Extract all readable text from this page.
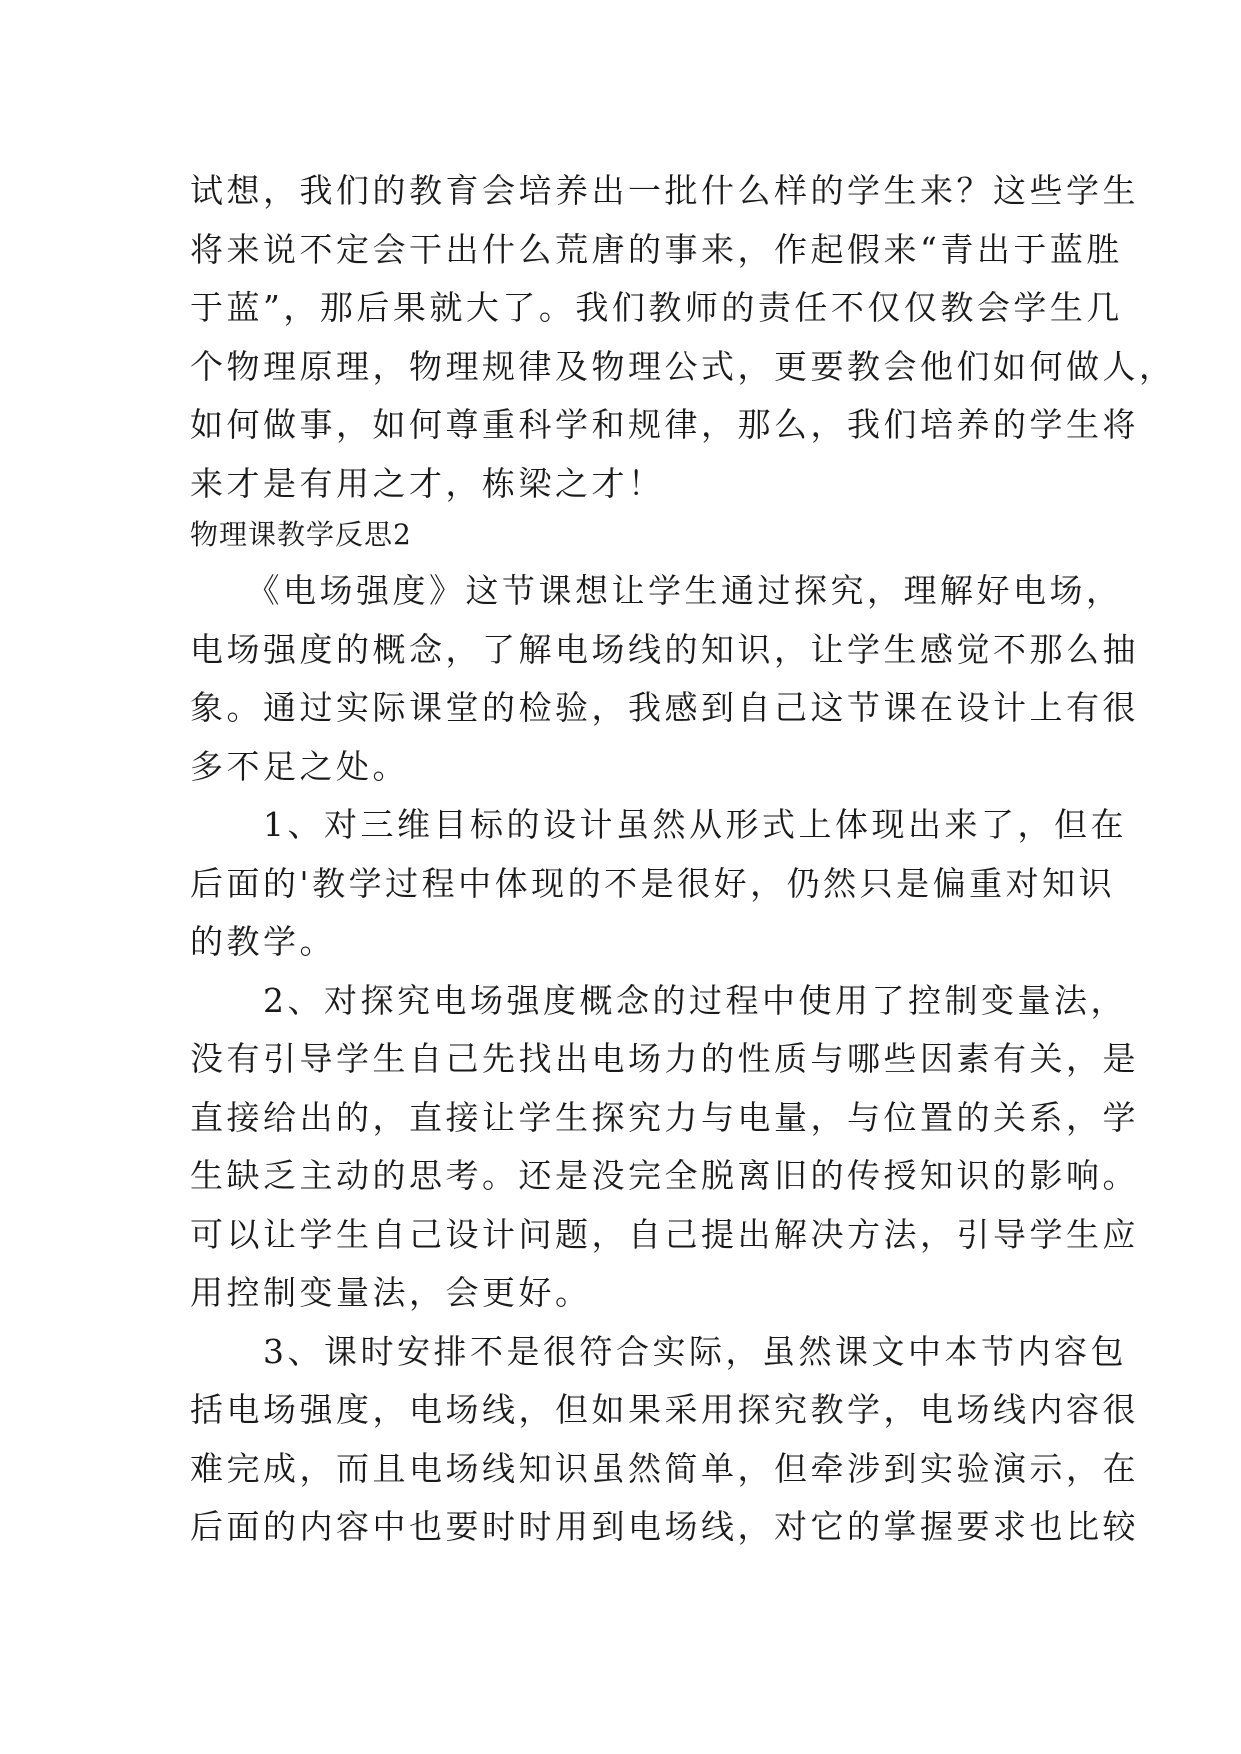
试想，我们的教育会培养出一批什么样的学生来？这些学生
将来说不定会干出什么荒唐的事来，作起假来“青出于蓝胜
于蓝”，那后果就大了。我们教师的责任不仅仅教会学生几
个物理原理，物理规律及物理公式，更要教会他们如何做人，
如何做事，如何尊重科学和规律，那么，我们培养的学生将
来才是有用之才，栋梁之才！
物理课教学反思2
　　《电场强度》这节课想让学生通过探究，理解好电场，
电场强度的概念，了解电场线的知识，让学生感觉不那么抽
象。通过实际课堂的检验，我感到自己这节课在设计上有很
多不足之处。
　　1、对三维目标的设计虽然从形式上体现出来了，但在
后面的'教学过程中体现的不是很好，仍然只是偏重对知识
的教学。
　　2、对探究电场强度概念的过程中使用了控制变量法，
没有引导学生自己先找出电场力的性质与哪些因素有关，是
直接给出的，直接让学生探究力与电量，与位置的关系，学
生缺乏主动的思考。还是没完全脱离旧的传授知识的影响。
可以让学生自己设计问题，自己提出解决方法，引导学生应
用控制变量法，会更好。
　　3、课时安排不是很符合实际，虽然课文中本节内容包
括电场强度，电场线，但如果采用探究教学，电场线内容很
难完成，而且电场线知识虽然简单，但牵涉到实验演示，在
后面的内容中也要时时用到电场线，对它的掌握要求也比较
